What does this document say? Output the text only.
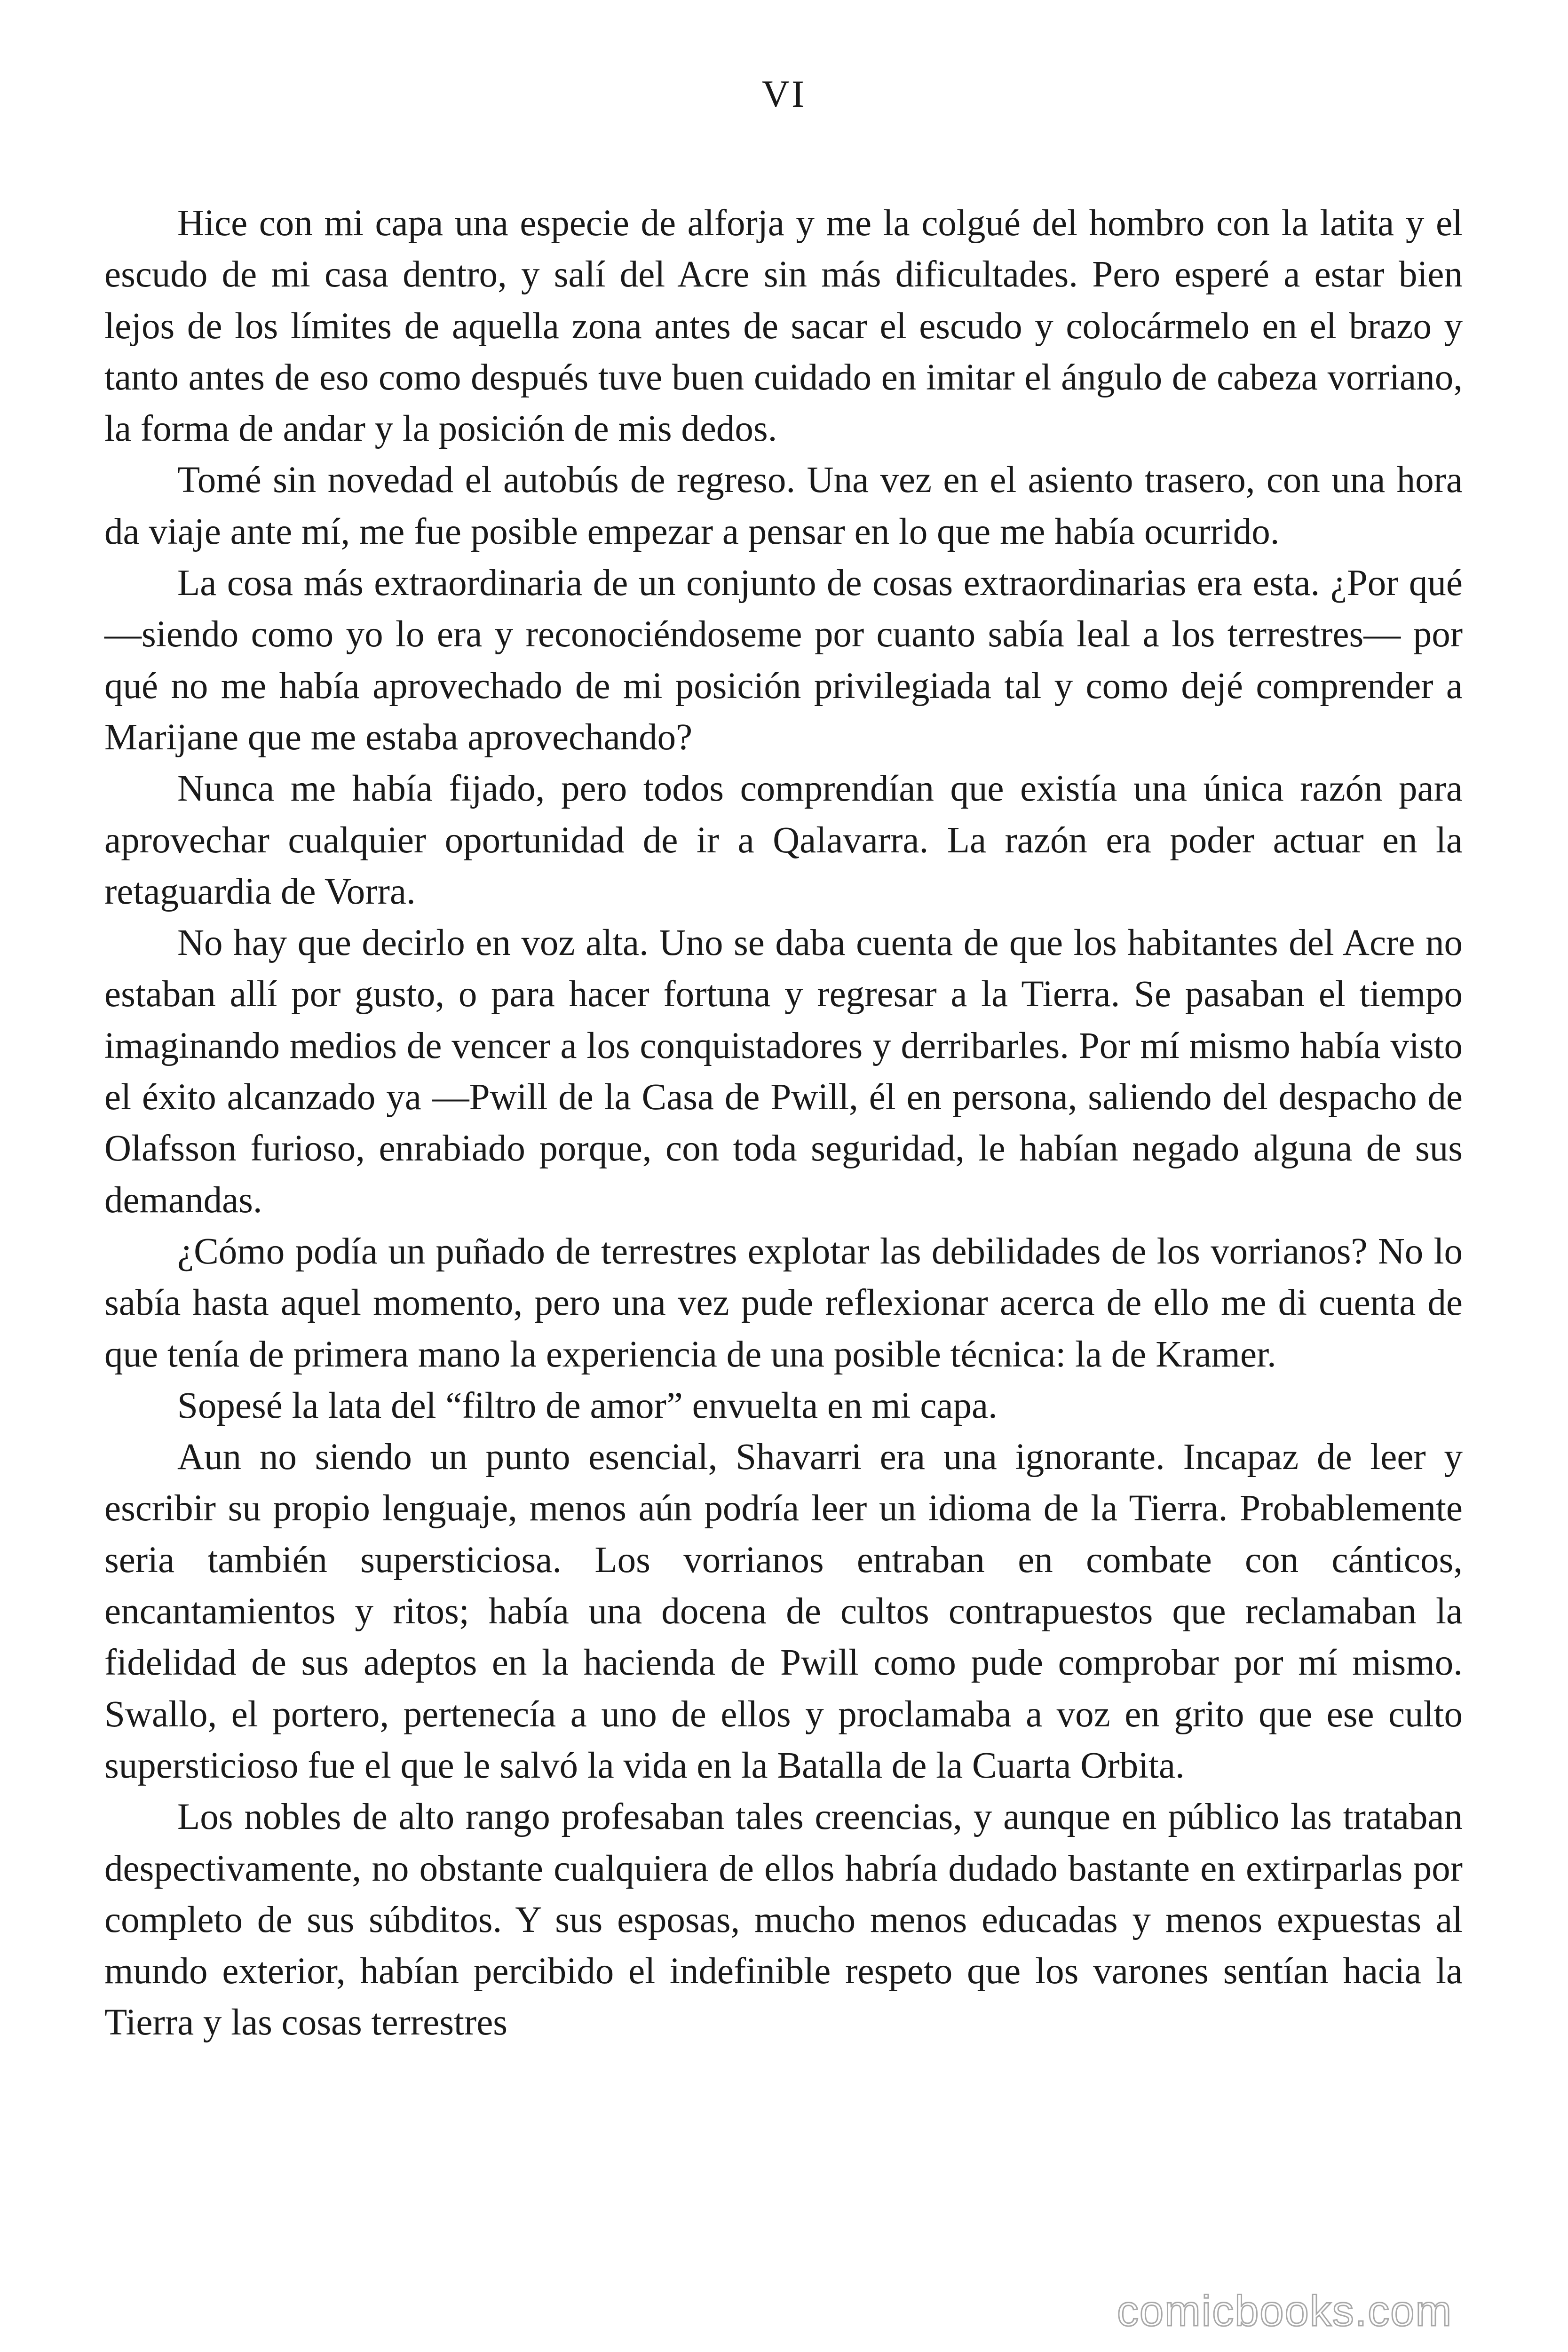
VI

Hice con mi capa una especie de alforja y me la colgué del hombro con la latita y el escudo de mi casa dentro, y salí del Acre sin más dificultades. Pero esperé a estar bien lejos de los límites de aquella zona antes de sacar el escudo y colocármelo en el brazo y tanto antes de eso como después tuve buen cuidado en imitar el ángulo de cabeza vorriano, la forma de andar y la posición de mis dedos.

Tomé sin novedad el autobús de regreso. Una vez en el asiento trasero, con una hora da viaje ante mí, me fue posible empezar a pensar en lo que me había ocurrido.

La cosa más extraordinaria de un conjunto de cosas extraordinarias era esta. ¿Por qué —siendo como yo lo era y reconociéndoseme por cuanto sabía leal a los terrestres— por qué no me había aprovechado de mi posición privilegiada tal y como dejé comprender a Marijane que me estaba aprovechando?

Nunca me había fijado, pero todos comprendían que existía una única razón para aprovechar cualquier oportunidad de ir a Qalavarra. La razón era poder actuar en la retaguardia de Vorra.

No hay que decirlo en voz alta. Uno se daba cuenta de que los habitantes del Acre no estaban allí por gusto, o para hacer fortuna y regresar a la Tierra. Se pasaban el tiempo imaginando medios de vencer a los conquistadores y derribarles. Por mí mismo había visto el éxito alcanzado ya —Pwill de la Casa de Pwill, él en persona, saliendo del despacho de Olafsson furioso, enrabiado porque, con toda seguridad, le habían negado alguna de sus demandas.

¿Cómo podía un puñado de terrestres explotar las debilidades de los vorrianos? No lo sabía hasta aquel momento, pero una vez pude reflexionar acerca de ello me di cuenta de que tenía de primera mano la experiencia de una posible técnica: la de Kramer.

Sopesé la lata del “filtro de amor” envuelta en mi capa.

Aun no siendo un punto esencial, Shavarri era una ignorante. Incapaz de leer y escribir su propio lenguaje, menos aún podría leer un idioma de la Tierra. Probablemente seria también supersticiosa. Los vorrianos entraban en combate con cánticos, encantamientos y ritos; había una docena de cultos contrapuestos que reclamaban la fidelidad de sus adeptos en la hacienda de Pwill como pude comprobar por mí mismo. Swallo, el portero, pertenecía a uno de ellos y proclamaba a voz en grito que ese culto supersticioso fue el que le salvó la vida en la Batalla de la Cuarta Orbita.

Los nobles de alto rango profesaban tales creencias, y aunque en público las trataban despectivamente, no obstante cualquiera de ellos habría dudado bastante en extirparlas por completo de sus súbditos. Y sus esposas, mucho menos educadas y menos expuestas al mundo exterior, habían percibido el indefinible respeto que los varones sentían hacia la Tierra y las cosas terrestres

comicbooks.com
